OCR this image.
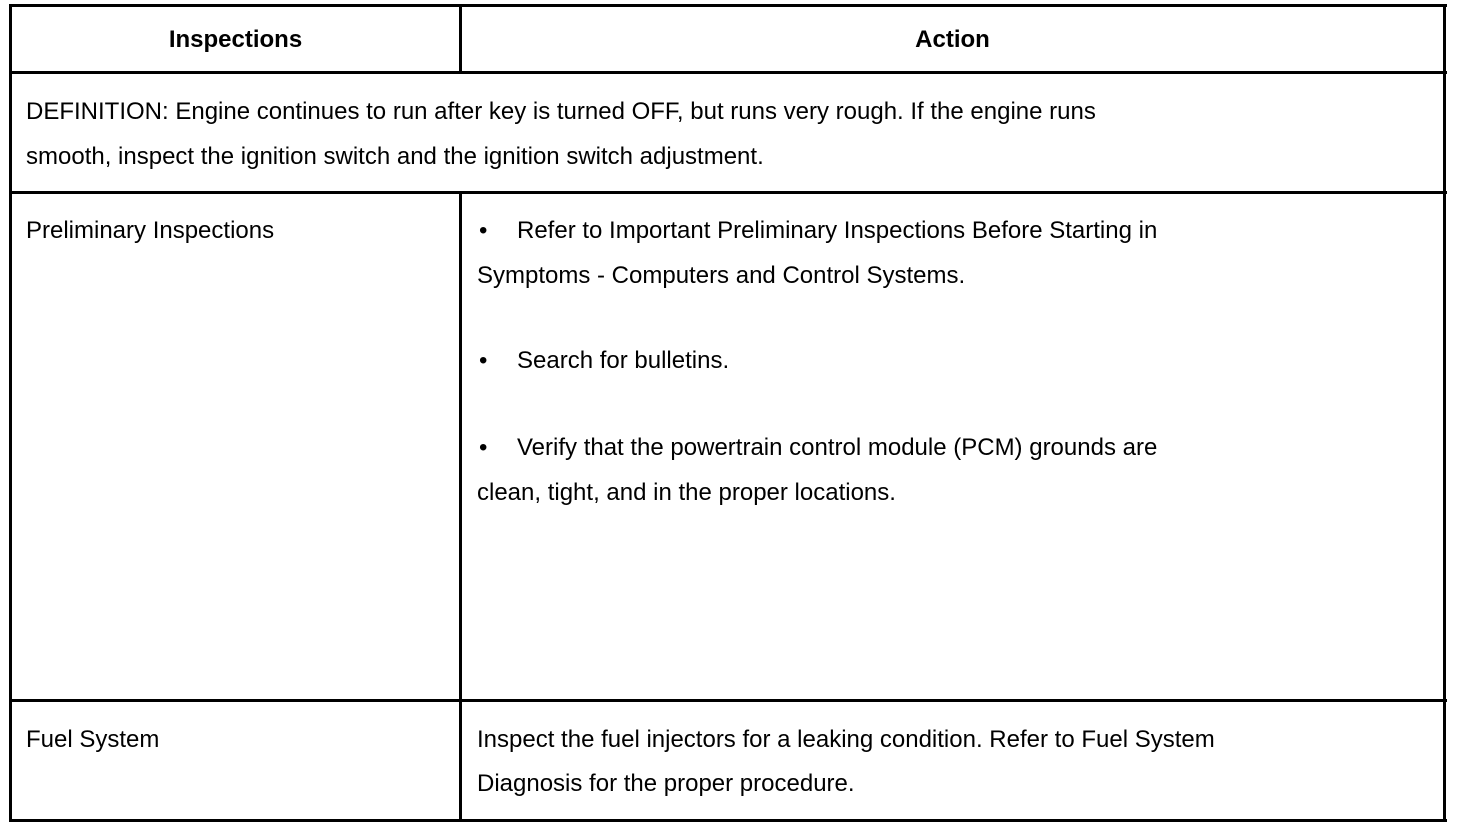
Inspections	Action
DEFINITION: Engine continues to run after key is turned OFF, but runs very rough. If the engine runs
smooth, inspect the ignition switch and the ignition switch adjustment.
Preliminary Inspections	• Refer to Important Preliminary Inspections Before Starting in
Symptoms - Computers and Control Systems.
• Search for bulletins.
• Verify that the powertrain control module (PCM) grounds are
clean, tight, and in the proper locations.
Fuel System	Inspect the fuel injectors for a leaking condition. Refer to Fuel System
Diagnosis for the proper procedure.
